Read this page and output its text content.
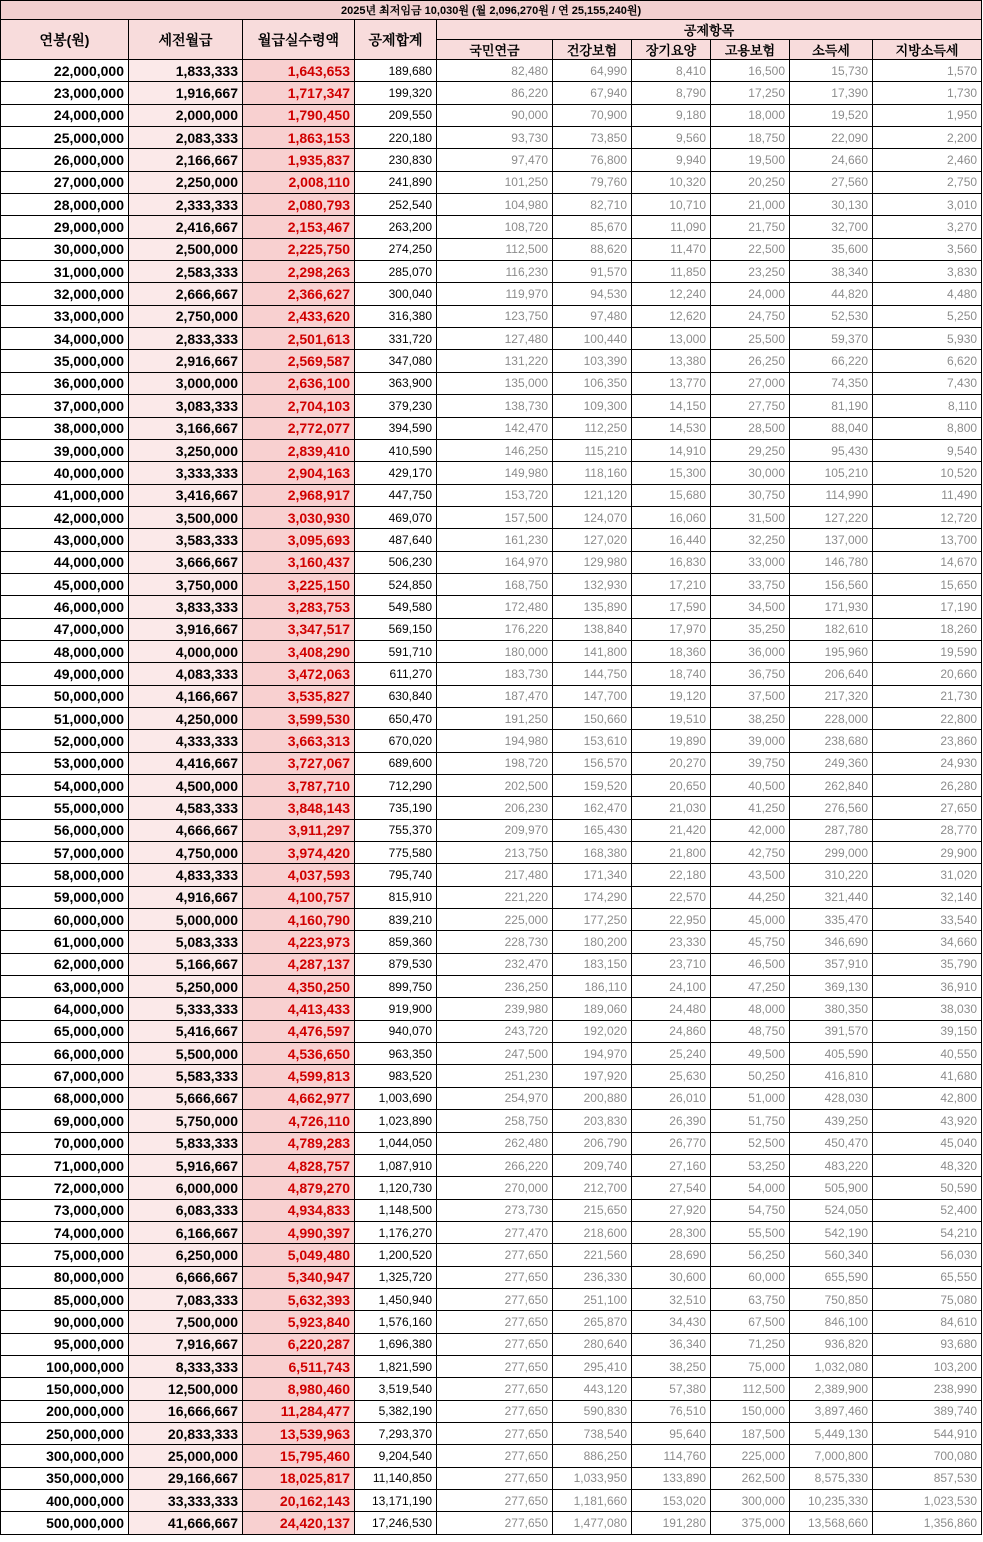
2025년 최저임금 10,030원 (월 2,096,270원 / 연 25,155,240원)									
연봉(원)	세전월급	월급실수령액	공제합계	공제항목					
				국민연금	건강보험	장기요양	고용보험	소득세	지방소득세
22,000,000	1,833,333	1,643,653	189,680	82,480	64,990	8,410	16,500	15,730	1,570
23,000,000	1,916,667	1,717,347	199,320	86,220	67,940	8,790	17,250	17,390	1,730
24,000,000	2,000,000	1,790,450	209,550	90,000	70,900	9,180	18,000	19,520	1,950
25,000,000	2,083,333	1,863,153	220,180	93,730	73,850	9,560	18,750	22,090	2,200
26,000,000	2,166,667	1,935,837	230,830	97,470	76,800	9,940	19,500	24,660	2,460
27,000,000	2,250,000	2,008,110	241,890	101,250	79,760	10,320	20,250	27,560	2,750
28,000,000	2,333,333	2,080,793	252,540	104,980	82,710	10,710	21,000	30,130	3,010
29,000,000	2,416,667	2,153,467	263,200	108,720	85,670	11,090	21,750	32,700	3,270
30,000,000	2,500,000	2,225,750	274,250	112,500	88,620	11,470	22,500	35,600	3,560
31,000,000	2,583,333	2,298,263	285,070	116,230	91,570	11,850	23,250	38,340	3,830
32,000,000	2,666,667	2,366,627	300,040	119,970	94,530	12,240	24,000	44,820	4,480
33,000,000	2,750,000	2,433,620	316,380	123,750	97,480	12,620	24,750	52,530	5,250
34,000,000	2,833,333	2,501,613	331,720	127,480	100,440	13,000	25,500	59,370	5,930
35,000,000	2,916,667	2,569,587	347,080	131,220	103,390	13,380	26,250	66,220	6,620
36,000,000	3,000,000	2,636,100	363,900	135,000	106,350	13,770	27,000	74,350	7,430
37,000,000	3,083,333	2,704,103	379,230	138,730	109,300	14,150	27,750	81,190	8,110
38,000,000	3,166,667	2,772,077	394,590	142,470	112,250	14,530	28,500	88,040	8,800
39,000,000	3,250,000	2,839,410	410,590	146,250	115,210	14,910	29,250	95,430	9,540
40,000,000	3,333,333	2,904,163	429,170	149,980	118,160	15,300	30,000	105,210	10,520
41,000,000	3,416,667	2,968,917	447,750	153,720	121,120	15,680	30,750	114,990	11,490
42,000,000	3,500,000	3,030,930	469,070	157,500	124,070	16,060	31,500	127,220	12,720
43,000,000	3,583,333	3,095,693	487,640	161,230	127,020	16,440	32,250	137,000	13,700
44,000,000	3,666,667	3,160,437	506,230	164,970	129,980	16,830	33,000	146,780	14,670
45,000,000	3,750,000	3,225,150	524,850	168,750	132,930	17,210	33,750	156,560	15,650
46,000,000	3,833,333	3,283,753	549,580	172,480	135,890	17,590	34,500	171,930	17,190
47,000,000	3,916,667	3,347,517	569,150	176,220	138,840	17,970	35,250	182,610	18,260
48,000,000	4,000,000	3,408,290	591,710	180,000	141,800	18,360	36,000	195,960	19,590
49,000,000	4,083,333	3,472,063	611,270	183,730	144,750	18,740	36,750	206,640	20,660
50,000,000	4,166,667	3,535,827	630,840	187,470	147,700	19,120	37,500	217,320	21,730
51,000,000	4,250,000	3,599,530	650,470	191,250	150,660	19,510	38,250	228,000	22,800
52,000,000	4,333,333	3,663,313	670,020	194,980	153,610	19,890	39,000	238,680	23,860
53,000,000	4,416,667	3,727,067	689,600	198,720	156,570	20,270	39,750	249,360	24,930
54,000,000	4,500,000	3,787,710	712,290	202,500	159,520	20,650	40,500	262,840	26,280
55,000,000	4,583,333	3,848,143	735,190	206,230	162,470	21,030	41,250	276,560	27,650
56,000,000	4,666,667	3,911,297	755,370	209,970	165,430	21,420	42,000	287,780	28,770
57,000,000	4,750,000	3,974,420	775,580	213,750	168,380	21,800	42,750	299,000	29,900
58,000,000	4,833,333	4,037,593	795,740	217,480	171,340	22,180	43,500	310,220	31,020
59,000,000	4,916,667	4,100,757	815,910	221,220	174,290	22,570	44,250	321,440	32,140
60,000,000	5,000,000	4,160,790	839,210	225,000	177,250	22,950	45,000	335,470	33,540
61,000,000	5,083,333	4,223,973	859,360	228,730	180,200	23,330	45,750	346,690	34,660
62,000,000	5,166,667	4,287,137	879,530	232,470	183,150	23,710	46,500	357,910	35,790
63,000,000	5,250,000	4,350,250	899,750	236,250	186,110	24,100	47,250	369,130	36,910
64,000,000	5,333,333	4,413,433	919,900	239,980	189,060	24,480	48,000	380,350	38,030
65,000,000	5,416,667	4,476,597	940,070	243,720	192,020	24,860	48,750	391,570	39,150
66,000,000	5,500,000	4,536,650	963,350	247,500	194,970	25,240	49,500	405,590	40,550
67,000,000	5,583,333	4,599,813	983,520	251,230	197,920	25,630	50,250	416,810	41,680
68,000,000	5,666,667	4,662,977	1,003,690	254,970	200,880	26,010	51,000	428,030	42,800
69,000,000	5,750,000	4,726,110	1,023,890	258,750	203,830	26,390	51,750	439,250	43,920
70,000,000	5,833,333	4,789,283	1,044,050	262,480	206,790	26,770	52,500	450,470	45,040
71,000,000	5,916,667	4,828,757	1,087,910	266,220	209,740	27,160	53,250	483,220	48,320
72,000,000	6,000,000	4,879,270	1,120,730	270,000	212,700	27,540	54,000	505,900	50,590
73,000,000	6,083,333	4,934,833	1,148,500	273,730	215,650	27,920	54,750	524,050	52,400
74,000,000	6,166,667	4,990,397	1,176,270	277,470	218,600	28,300	55,500	542,190	54,210
75,000,000	6,250,000	5,049,480	1,200,520	277,650	221,560	28,690	56,250	560,340	56,030
80,000,000	6,666,667	5,340,947	1,325,720	277,650	236,330	30,600	60,000	655,590	65,550
85,000,000	7,083,333	5,632,393	1,450,940	277,650	251,100	32,510	63,750	750,850	75,080
90,000,000	7,500,000	5,923,840	1,576,160	277,650	265,870	34,430	67,500	846,100	84,610
95,000,000	7,916,667	6,220,287	1,696,380	277,650	280,640	36,340	71,250	936,820	93,680
100,000,000	8,333,333	6,511,743	1,821,590	277,650	295,410	38,250	75,000	1,032,080	103,200
150,000,000	12,500,000	8,980,460	3,519,540	277,650	443,120	57,380	112,500	2,389,900	238,990
200,000,000	16,666,667	11,284,477	5,382,190	277,650	590,830	76,510	150,000	3,897,460	389,740
250,000,000	20,833,333	13,539,963	7,293,370	277,650	738,540	95,640	187,500	5,449,130	544,910
300,000,000	25,000,000	15,795,460	9,204,540	277,650	886,250	114,760	225,000	7,000,800	700,080
350,000,000	29,166,667	18,025,817	11,140,850	277,650	1,033,950	133,890	262,500	8,575,330	857,530
400,000,000	33,333,333	20,162,143	13,171,190	277,650	1,181,660	153,020	300,000	10,235,330	1,023,530
500,000,000	41,666,667	24,420,137	17,246,530	277,650	1,477,080	191,280	375,000	13,568,660	1,356,860
